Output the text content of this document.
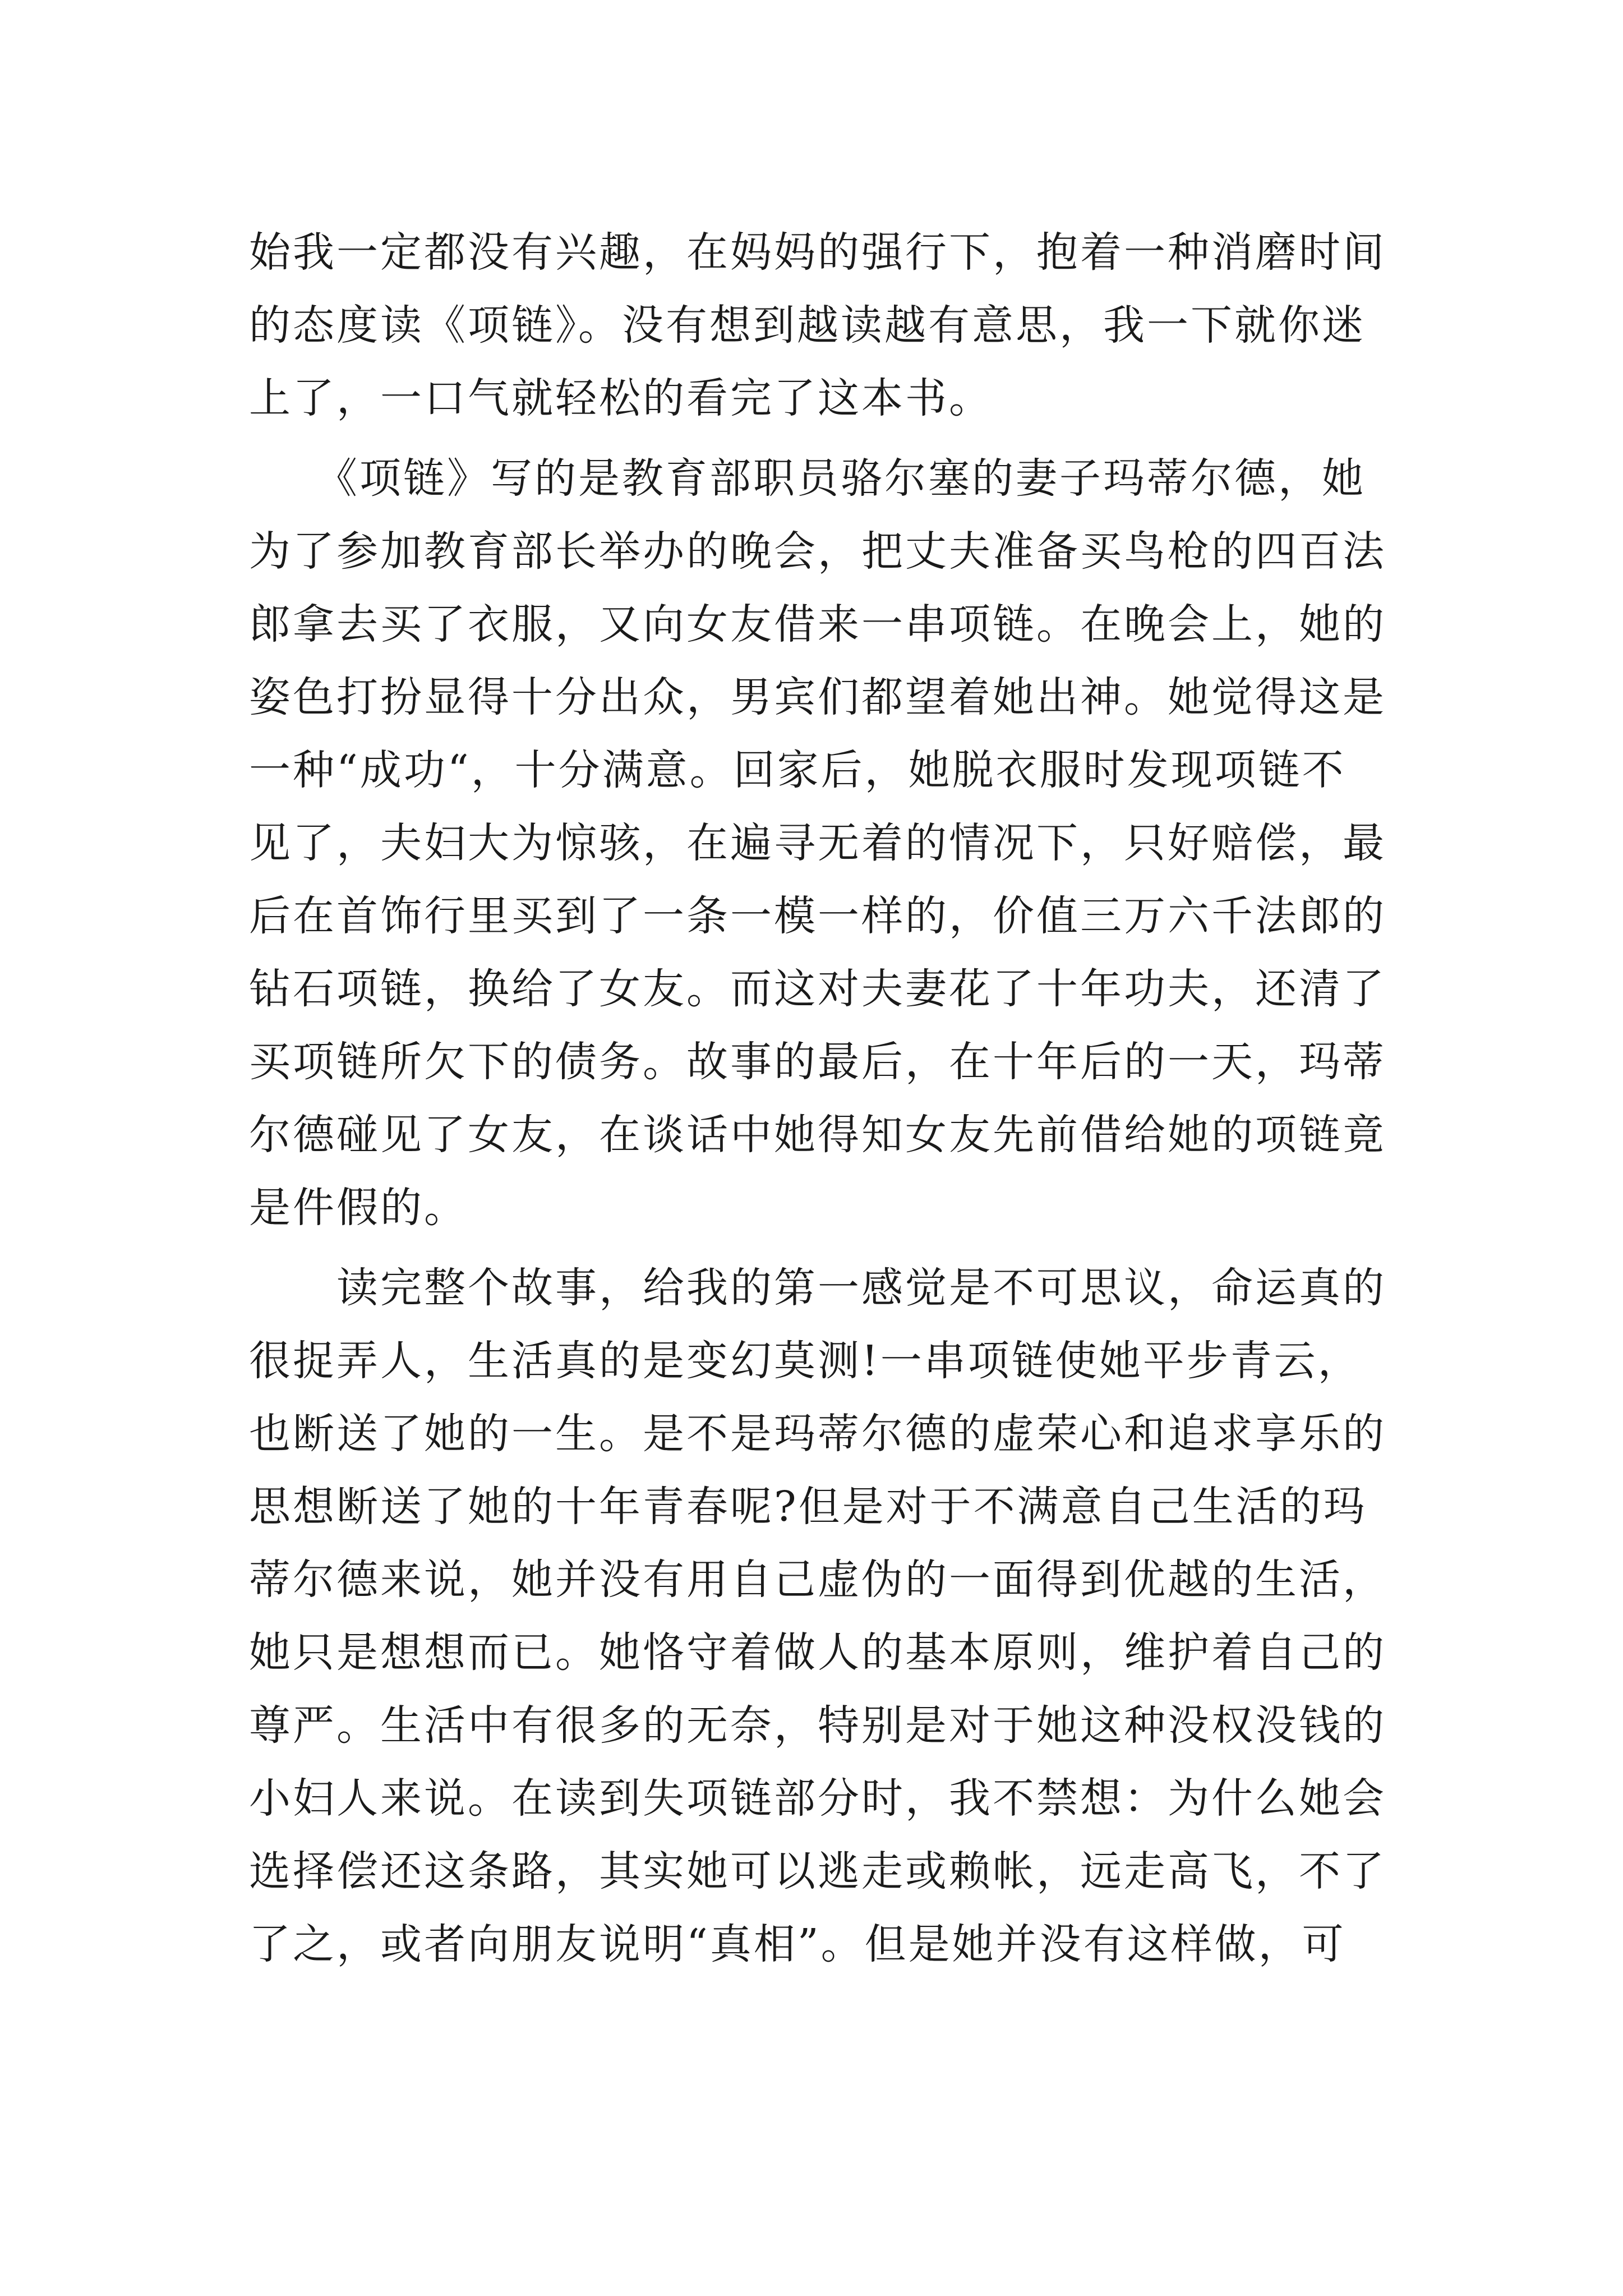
始我一定都没有兴趣，在妈妈的强行下，抱着一种消磨时间
的态度读《项链》。没有想到越读越有意思，我一下就你迷
上了，一口气就轻松的看完了这本书。
　　《项链》写的是教育部职员骆尔塞的妻子玛蒂尔德，她
为了参加教育部长举办的晚会，把丈夫准备买鸟枪的四百法
郎拿去买了衣服，又向女友借来一串项链。在晚会上，她的
姿色打扮显得十分出众，男宾们都望着她出神。她觉得这是
一种“成功“，十分满意。回家后，她脱衣服时发现项链不
见了，夫妇大为惊骇，在遍寻无着的情况下，只好赔偿，最
后在首饰行里买到了一条一模一样的，价值三万六千法郎的
钻石项链，换给了女友。而这对夫妻花了十年功夫，还清了
买项链所欠下的债务。故事的最后，在十年后的一天，玛蒂
尔德碰见了女友，在谈话中她得知女友先前借给她的项链竟
是件假的。
　　读完整个故事，给我的第一感觉是不可思议，命运真的
很捉弄人，生活真的是变幻莫测!一串项链使她平步青云，
也断送了她的一生。是不是玛蒂尔德的虚荣心和追求享乐的
思想断送了她的十年青春呢?但是对于不满意自己生活的玛
蒂尔德来说，她并没有用自己虚伪的一面得到优越的生活，
她只是想想而已。她恪守着做人的基本原则，维护着自己的
尊严。生活中有很多的无奈，特别是对于她这种没权没钱的
小妇人来说。在读到失项链部分时，我不禁想：为什么她会
选择偿还这条路，其实她可以逃走或赖帐，远走高飞，不了
了之，或者向朋友说明“真相”。但是她并没有这样做，可
